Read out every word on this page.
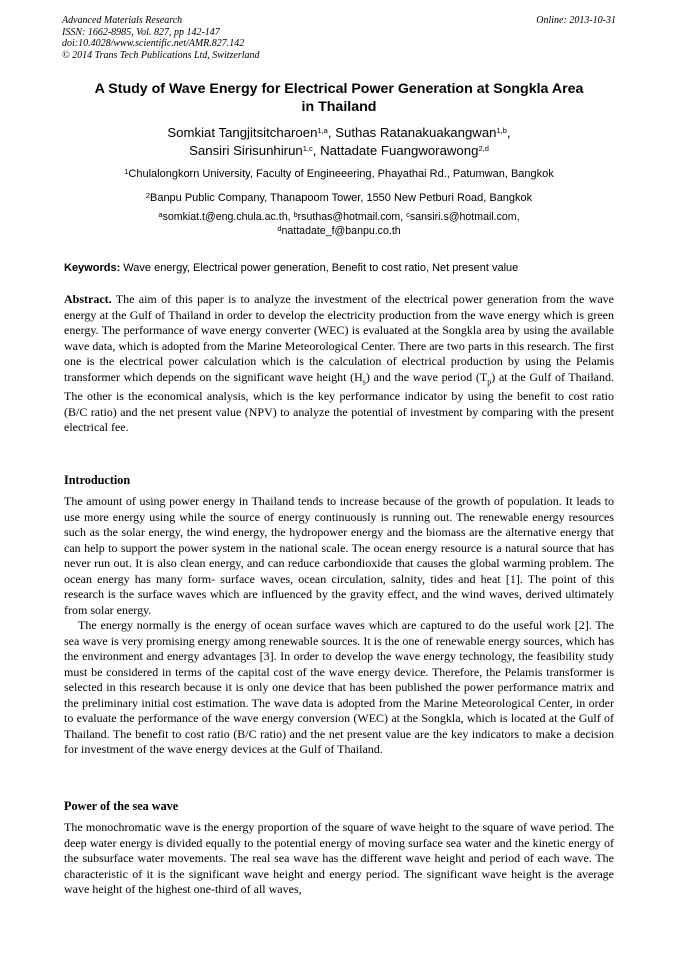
Advanced Materials Research
ISSN: 1662-8985, Vol. 827, pp 142-147
doi:10.4028/www.scientific.net/AMR.827.142
© 2014 Trans Tech Publications Ltd, Switzerland
Online: 2013-10-31
A Study of Wave Energy for Electrical Power Generation at Songkla Area
in Thailand
Somkiat Tangjitsitcharoen$^{1,a}$, Suthas Ratanakuakangwan$^{1,b}$,
Sansiri Sirisunhirun$^{1,c}$, Nattadate Fuangworawong$^{2,d}$
$^1$Chulalongkorn University, Faculty of Engineeering, Phayathai Rd., Patumwan, Bangkok
$^2$Banpu Public Company, Thanapoom Tower, 1550 New Petburi Road, Bangkok
$^a$somkiat.t@eng.chula.ac.th, $^b$rsuthas@hotmail.com, $^c$sansiri.s@hotmail.com,
$^d$nattadate_f@banpu.co.th
Keywords: Wave energy, Electrical power generation, Benefit to cost ratio, Net present value
Abstract. The aim of this paper is to analyze the investment of the electrical power generation from the wave energy at the Gulf of Thailand in order to develop the electricity production from the wave energy which is green energy. The performance of wave energy converter (WEC) is evaluated at the Songkla area by using the available wave data, which is adopted from the Marine Meteorological Center. There are two parts in this research. The first one is the electrical power calculation which is the calculation of electrical production by using the Pelamis transformer which depends on the significant wave height $(H_s)$ and the wave period $(T_p)$ at the Gulf of Thailand. The other is the economical analysis, which is the key performance indicator by using the benefit to cost ratio (B/C ratio) and the net present value (NPV) to analyze the potential of investment by comparing with the present electrical fee.
Introduction

The amount of using power energy in Thailand tends to increase because of the growth of population. It leads to use more energy using while the source of energy continuously is running out. The renewable energy resources such as the solar energy, the wind energy, the hydropower energy and the biomass are the alternative energy that can help to support the power system in the national scale. The ocean energy resource is a natural source that has never run out. It is also clean energy, and can reduce carbondioxide that causes the global warming problem. The ocean energy has many form- surface waves, ocean circulation, salnity, tides and heat [1]. The point of this research is the surface waves which are influenced by the gravity effect, and the wind waves, derived ultimately from solar energy.

The energy normally is the energy of ocean surface waves which are captured to do the useful work [2]. The sea wave is very promising energy among renewable sources. It is the one of renewable energy sources, which has the environment and energy advantages [3]. In order to develop the wave energy technology, the feasibility study must be considered in terms of the capital cost of the wave energy device. Therefore, the Pelamis transformer is selected in this research because it is only one device that has been published the power performance matrix and the preliminary initial cost estimation. The wave data is adopted from the Marine Meteorological Center, in order to evaluate the performance of the wave energy conversion (WEC) at the Songkla, which is located at the Gulf of Thailand. The benefit to cost ratio (B/C ratio) and the net present value are the key indicators to make a decision for investment of the wave energy devices at the Gulf of Thailand.

Power of the sea wave

The monochromatic wave is the energy proportion of the square of wave height to the square of wave period. The deep water energy is divided equally to the potential energy of moving surface sea water and the kinetic energy of the subsurface water movements. The real sea wave has the different wave height and period of each wave. The characteristic of it is the significant wave height and energy period. The significant wave height is the average wave height of the highest one-third of all waves,
